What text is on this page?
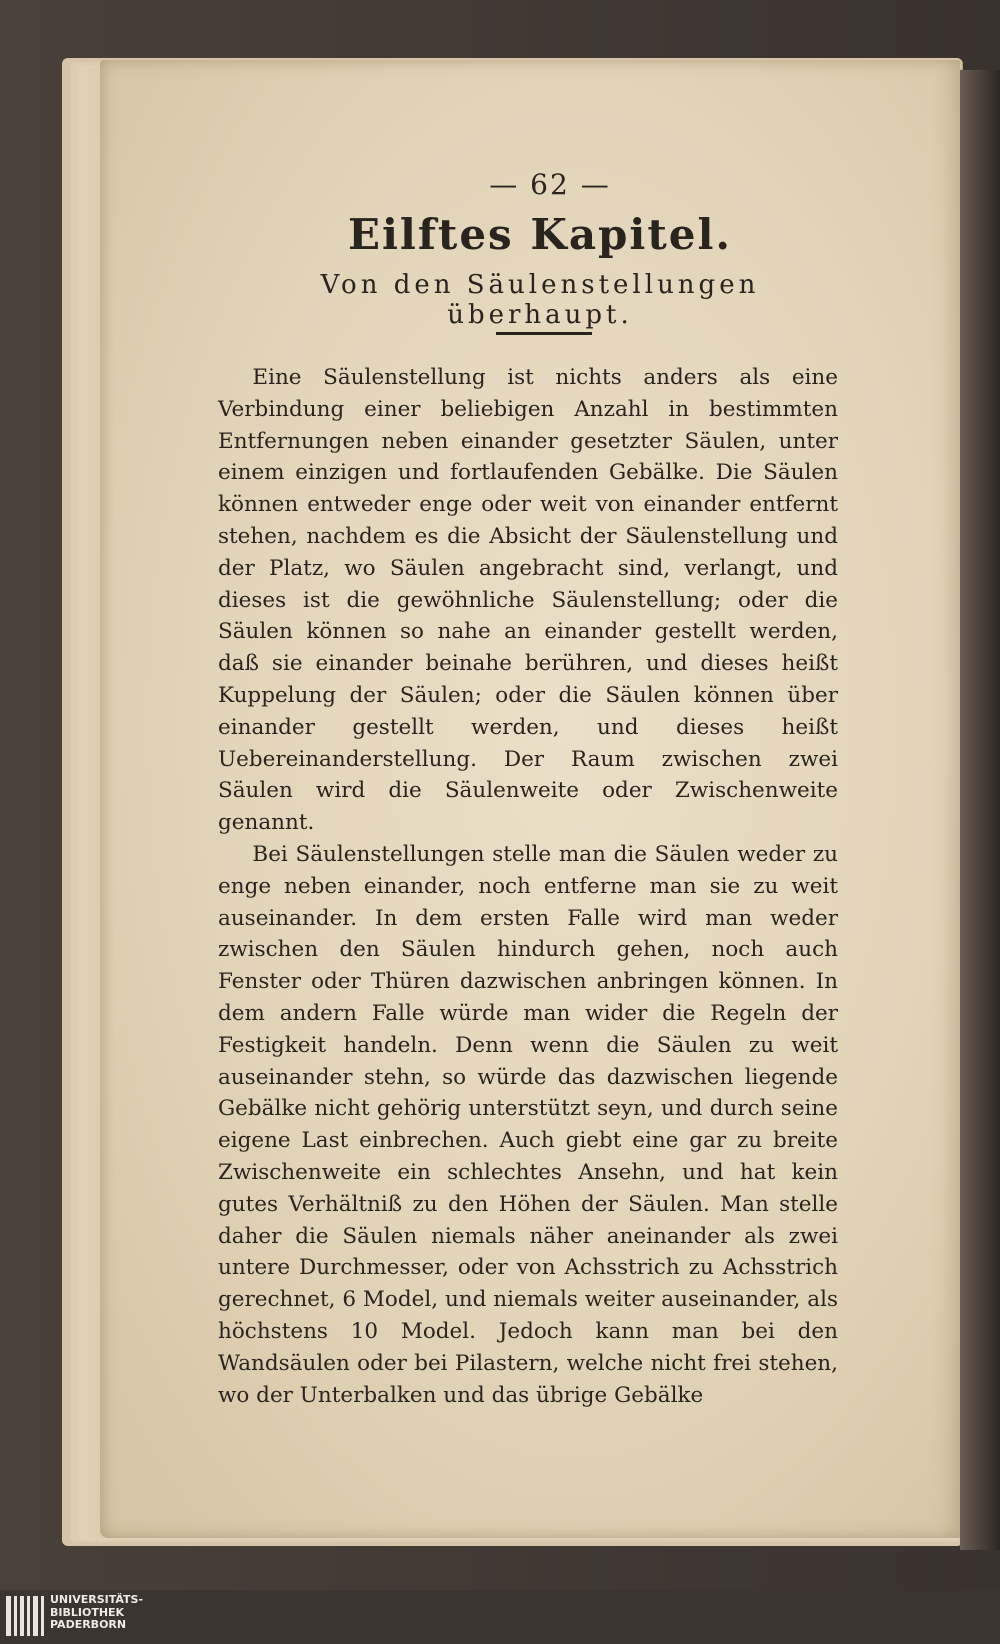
— 62 —
Eilftes Kapitel.
Von den Säulenstellungen überhaupt.

Eine Säulenstellung ist nichts anders als eine Verbindung einer beliebigen Anzahl in bestimmten Entfernungen neben einander gesetzter Säulen, unter einem einzigen und fortlaufenden Gebälke. Die Säulen können entweder enge oder weit von einander entfernt stehen, nachdem es die Absicht der Säulenstellung und der Platz, wo Säulen angebracht sind, verlangt, und dieses ist die gewöhnliche Säulenstellung; oder die Säulen können so nahe an einander gestellt werden, daß sie einander beinahe berühren, und dieses heißt Kuppelung der Säulen; oder die Säulen können über einander gestellt werden, und dieses heißt Uebereinanderstellung. Der Raum zwischen zwei Säulen wird die Säulenweite oder Zwischenweite genannt.

Bei Säulenstellungen stelle man die Säulen weder zu enge neben einander, noch entferne man sie zu weit auseinander. In dem ersten Falle wird man weder zwischen den Säulen hindurch gehen, noch auch Fenster oder Thüren dazwischen anbringen können. In dem andern Falle würde man wider die Regeln der Festigkeit handeln. Denn wenn die Säulen zu weit auseinander stehn, so würde das dazwischen liegende Gebälke nicht gehörig unterstützt seyn, und durch seine eigene Last einbrechen. Auch giebt eine gar zu breite Zwischenweite ein schlechtes Ansehn, und hat kein gutes Verhältniß zu den Höhen der Säulen. Man stelle daher die Säulen niemals näher aneinander als zwei untere Durchmesser, oder von Achsstrich zu Achsstrich gerechnet, 6 Model, und niemals weiter auseinander, als höchstens 10 Model. Jedoch kann man bei den Wandsäulen oder bei Pilastern, welche nicht frei stehen, wo der Unterbalken und das übrige Gebälke

UNIVERSITÄTS-
BIBLIOTHEK
PADERBORN
